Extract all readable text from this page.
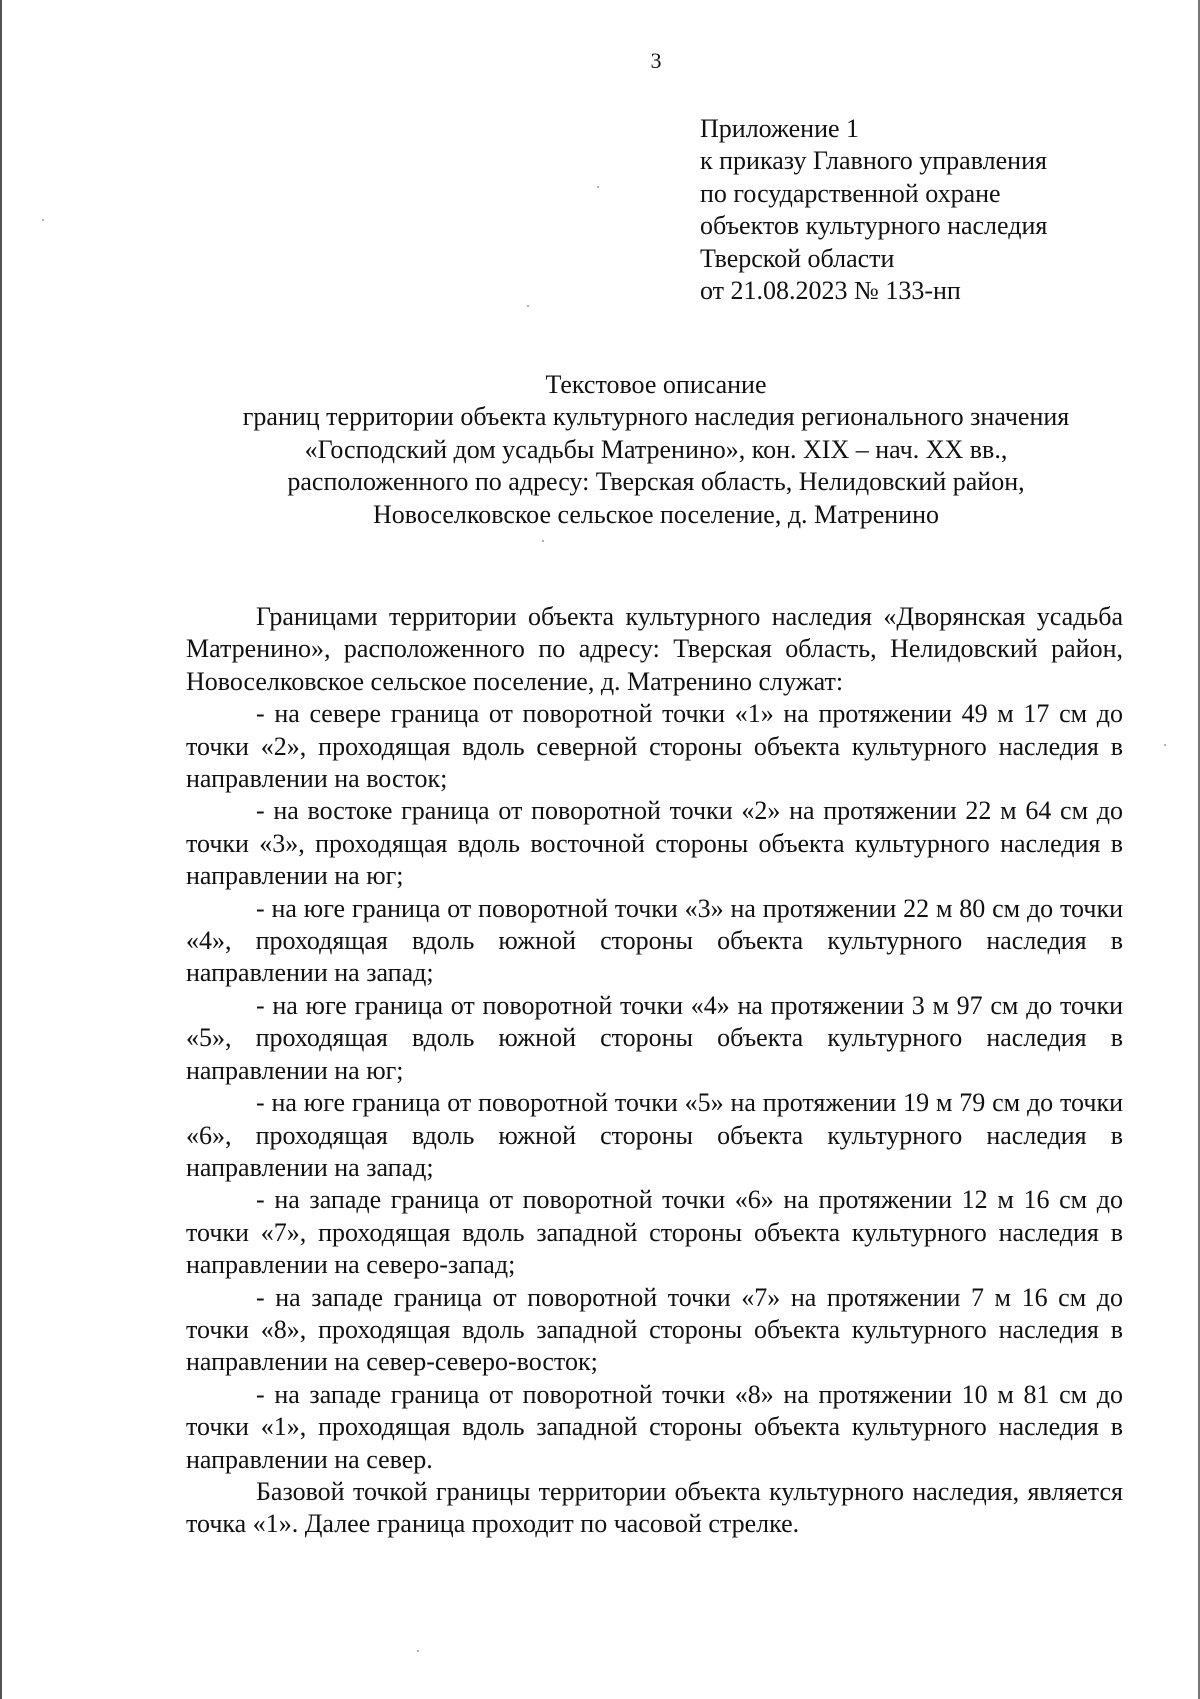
3
Приложение 1
к приказу Главного управления
по государственной охране
объектов культурного наследия
Тверской области
от 21.08.2023 № 133-нп
Текстовое описание
границ территории объекта культурного наследия регионального значения
«Господский дом усадьбы Матренино», кон. XIX – нач. XX вв.,
расположенного по адресу: Тверская область, Нелидовский район,
Новоселковское сельское поселение, д. Матренино

Границами территории объекта культурного наследия «Дворянская усадьба Матренино», расположенного по адресу: Тверская область, Нелидовский район, Новоселковское сельское поселение, д. Матренино служат:

- на севере граница от поворотной точки «1» на протяжении 49 м 17 см до точки «2», проходящая вдоль северной стороны объекта культурного наследия в направлении на восток;

- на востоке граница от поворотной точки «2» на протяжении 22 м 64 см до точки «3», проходящая вдоль восточной стороны объекта культурного наследия в направлении на юг;

- на юге граница от поворотной точки «3» на протяжении 22 м 80 см до точки «4», проходящая вдоль южной стороны объекта культурного наследия в направлении на запад;

- на юге граница от поворотной точки «4» на протяжении 3 м 97 см до точки «5», проходящая вдоль южной стороны объекта культурного наследия в направлении на юг;

- на юге граница от поворотной точки «5» на протяжении 19 м 79 см до точки «6», проходящая вдоль южной стороны объекта культурного наследия в направлении на запад;

- на западе граница от поворотной точки «6» на протяжении 12 м 16 см до точки «7», проходящая вдоль западной стороны объекта культурного наследия в направлении на северо-запад;

- на западе граница от поворотной точки «7» на протяжении 7 м 16 см до точки «8», проходящая вдоль западной стороны объекта культурного наследия в направлении на север-северо-восток;

- на западе граница от поворотной точки «8» на протяжении 10 м 81 см до точки «1», проходящая вдоль западной стороны объекта культурного наследия в направлении на север.

Базовой точкой границы территории объекта культурного наследия, является точка «1». Далее граница проходит по часовой стрелке.
